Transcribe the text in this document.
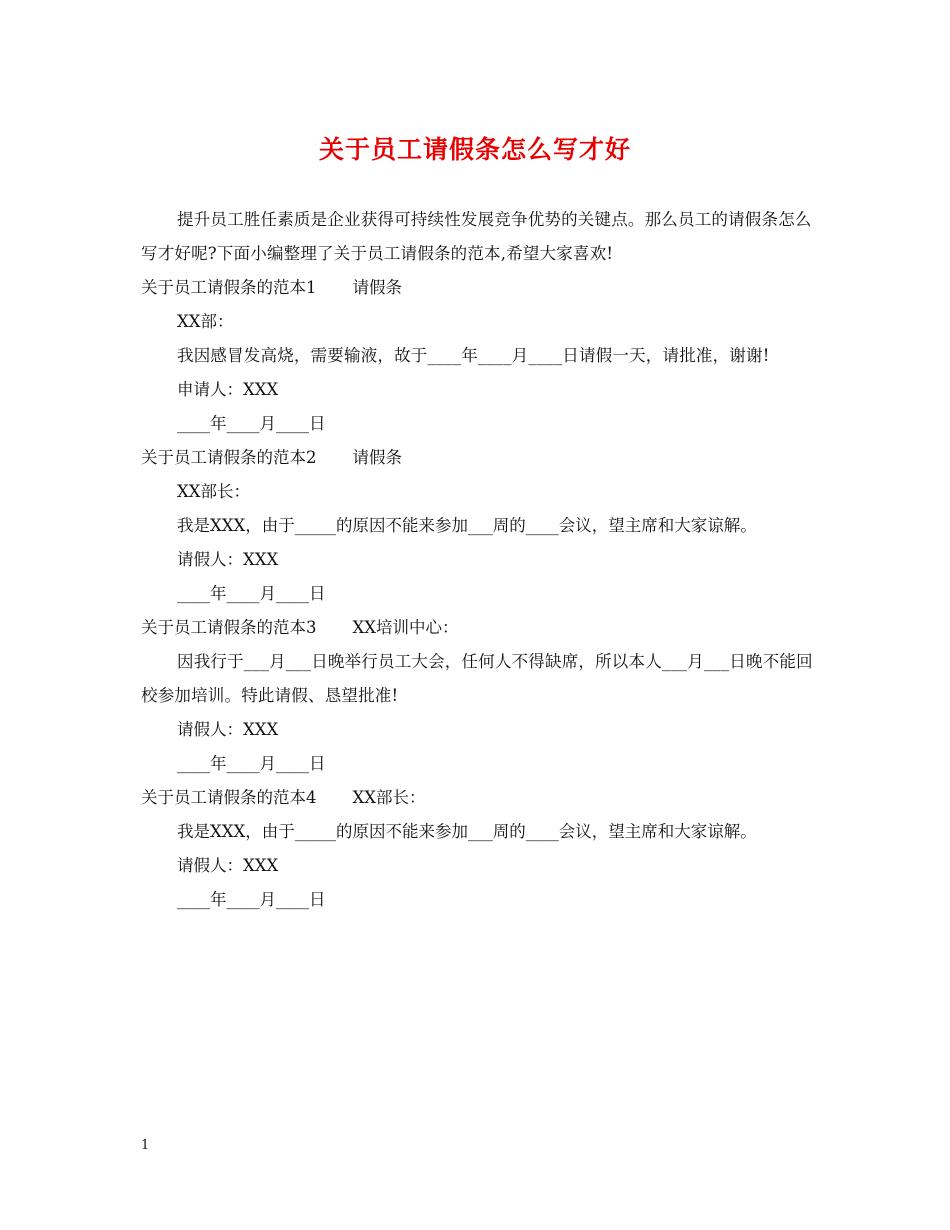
关于员工请假条怎么写才好

提升员工胜任素质是企业获得可持续性发展竞争优势的关键点。那么员工的请假条怎么写才好呢?下面小编整理了关于员工请假条的范本,希望大家喜欢!

关于员工请假条的范本1 请假条

XX部：

我因感冒发高烧，需要输液，故于____年____月____日请假一天，请批准，谢谢!

申请人：XXX

____年____月____日

关于员工请假条的范本2 请假条

XX部长：

我是XXX，由于_____的原因不能来参加___周的____会议，望主席和大家谅解。

请假人：XXX

____年____月____日

关于员工请假条的范本3 XX培训中心：

因我行于___月___日晚举行员工大会，任何人不得缺席，所以本人___月___日晚不能回校参加培训。特此请假、恳望批准!

请假人：XXX

____年____月____日

关于员工请假条的范本4 XX部长：

我是XXX，由于_____的原因不能来参加___周的____会议，望主席和大家谅解。

请假人：XXX

____年____月____日

1
